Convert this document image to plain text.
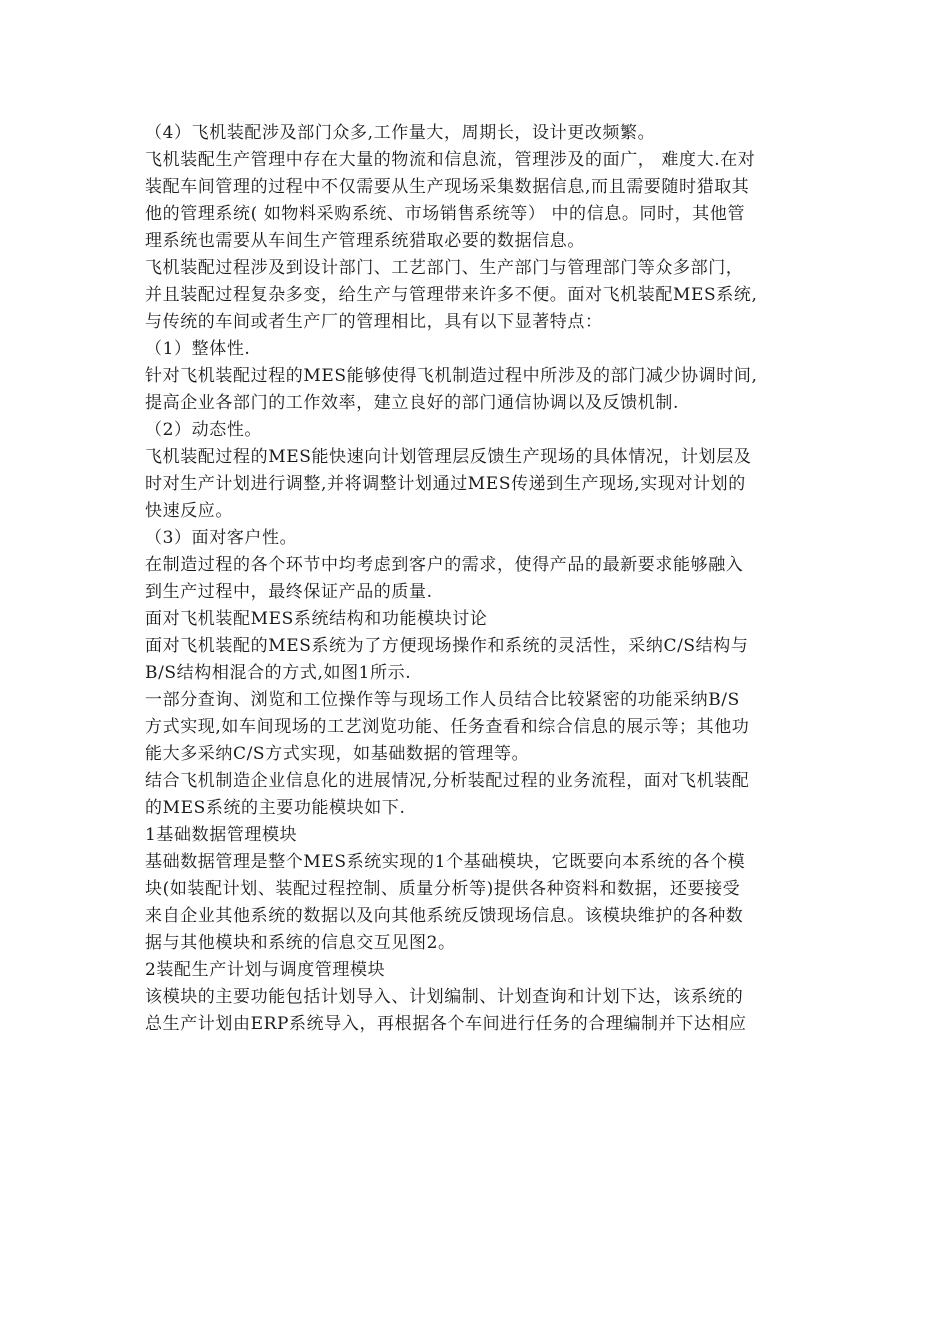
（4）飞机装配涉及部门众多,工作量大，周期长，设计更改频繁。
飞机装配生产管理中存在大量的物流和信息流，管理涉及的面广， 难度大.在对
装配车间管理的过程中不仅需要从生产现场采集数据信息,而且需要随时猎取其
他的管理系统( 如物料采购系统、市场销售系统等） 中的信息。同时，其他管
理系统也需要从车间生产管理系统猎取必要的数据信息。
飞机装配过程涉及到设计部门、工艺部门、生产部门与管理部门等众多部门，
并且装配过程复杂多变，给生产与管理带来许多不便。面对飞机装配MES系统,
与传统的车间或者生产厂的管理相比，具有以下显著特点：
（1）整体性.
针对飞机装配过程的MES能够使得飞机制造过程中所涉及的部门减少协调时间,
提高企业各部门的工作效率，建立良好的部门通信协调以及反馈机制.
（2）动态性。
飞机装配过程的MES能快速向计划管理层反馈生产现场的具体情况，计划层及
时对生产计划进行调整,并将调整计划通过MES传递到生产现场,实现对计划的
快速反应。
（3）面对客户性。
在制造过程的各个环节中均考虑到客户的需求，使得产品的最新要求能够融入
到生产过程中，最终保证产品的质量.
面对飞机装配MES系统结构和功能模块讨论
面对飞机装配的MES系统为了方便现场操作和系统的灵活性，采纳C/S结构与
B/S结构相混合的方式,如图1所示.
一部分查询、浏览和工位操作等与现场工作人员结合比较紧密的功能采纳B/S
方式实现,如车间现场的工艺浏览功能、任务查看和综合信息的展示等；其他功
能大多采纳C/S方式实现，如基础数据的管理等。
结合飞机制造企业信息化的进展情况,分析装配过程的业务流程，面对飞机装配
的MES系统的主要功能模块如下.
1基础数据管理模块
基础数据管理是整个MES系统实现的1个基础模块，它既要向本系统的各个模
块(如装配计划、装配过程控制、质量分析等)提供各种资料和数据，还要接受
来自企业其他系统的数据以及向其他系统反馈现场信息。该模块维护的各种数
据与其他模块和系统的信息交互见图2。
2装配生产计划与调度管理模块
该模块的主要功能包括计划导入、计划编制、计划查询和计划下达，该系统的
总生产计划由ERP系统导入，再根据各个车间进行任务的合理编制并下达相应
